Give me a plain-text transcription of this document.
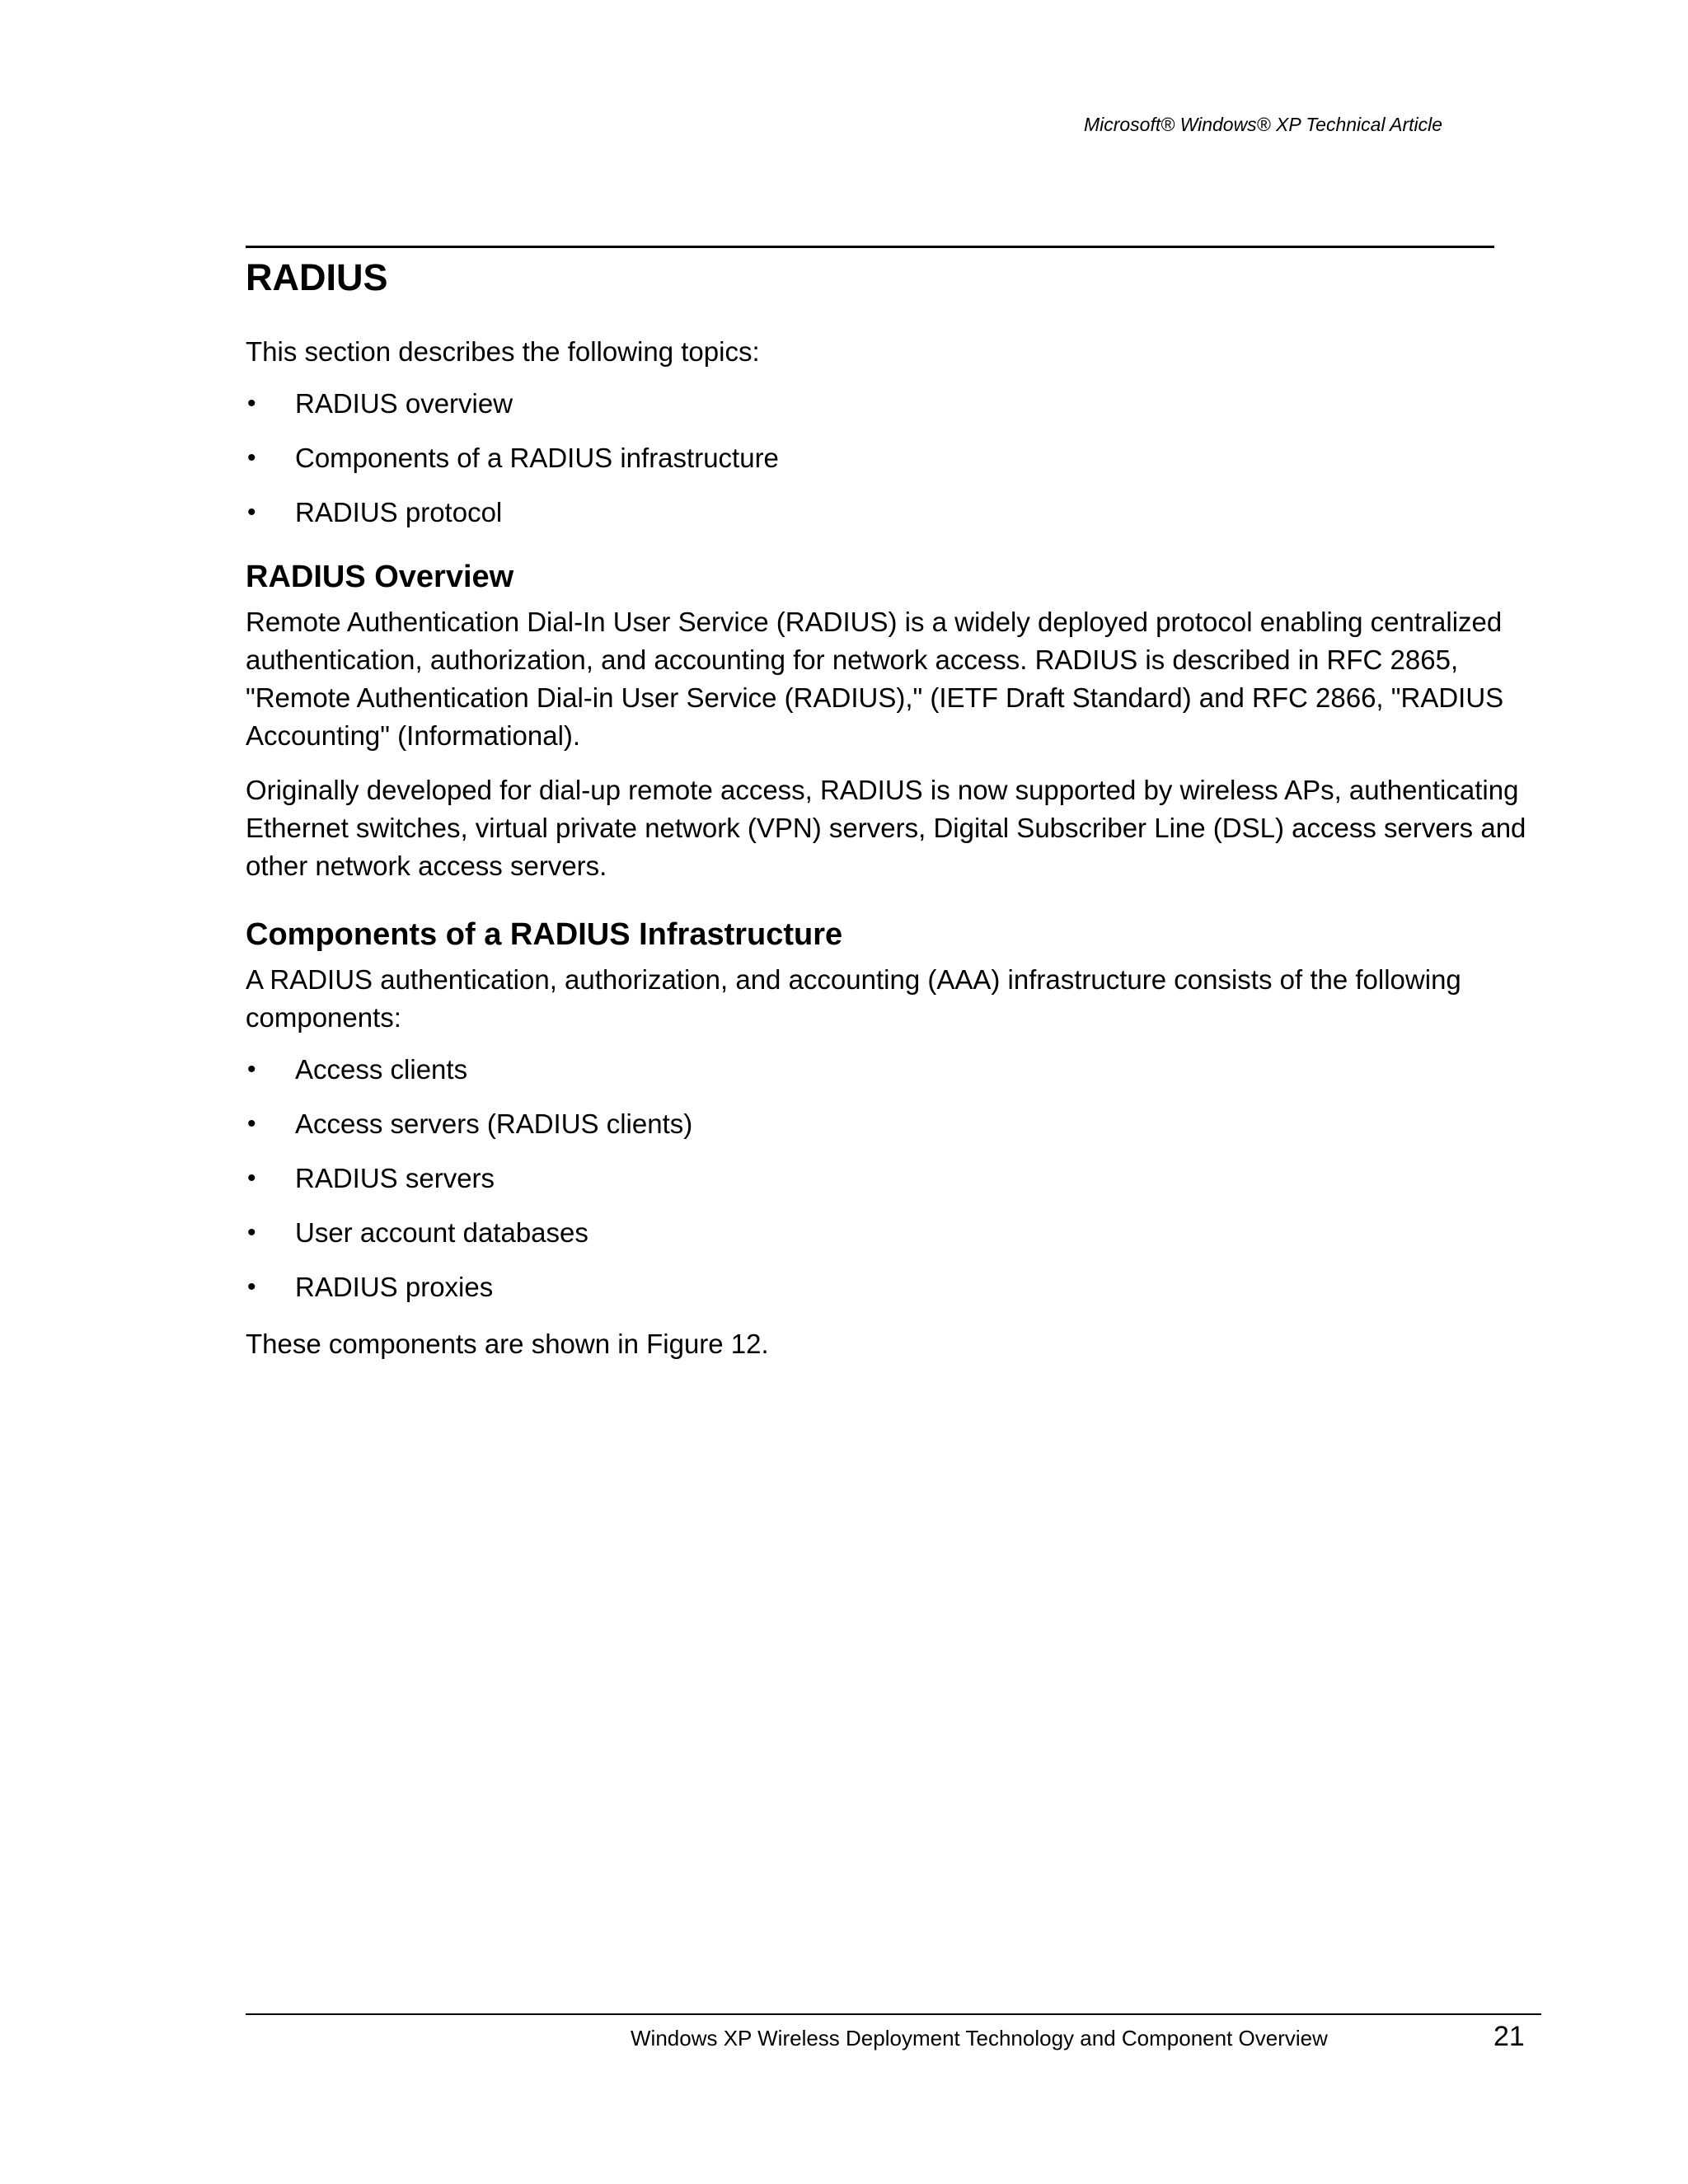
Microsoft® Windows® XP Technical Article
RADIUS

This section describes the following topics:

• RADIUS overview
• Components of a RADIUS infrastructure
• RADIUS protocol
RADIUS Overview

Remote Authentication Dial-In User Service (RADIUS) is a widely deployed protocol enabling centralized authentication, authorization, and accounting for network access. RADIUS is described in RFC 2865, "Remote Authentication Dial-in User Service (RADIUS)," (IETF Draft Standard) and RFC 2866, "RADIUS Accounting" (Informational).

Originally developed for dial-up remote access, RADIUS is now supported by wireless APs, authenticating Ethernet switches, virtual private network (VPN) servers, Digital Subscriber Line (DSL) access servers and other network access servers.

Components of a RADIUS Infrastructure

A RADIUS authentication, authorization, and accounting (AAA) infrastructure consists of the following components:

• Access clients
• Access servers (RADIUS clients)
• RADIUS servers
• User account databases
• RADIUS proxies

These components are shown in Figure 12.

Windows XP Wireless Deployment Technology and Component Overview	21
